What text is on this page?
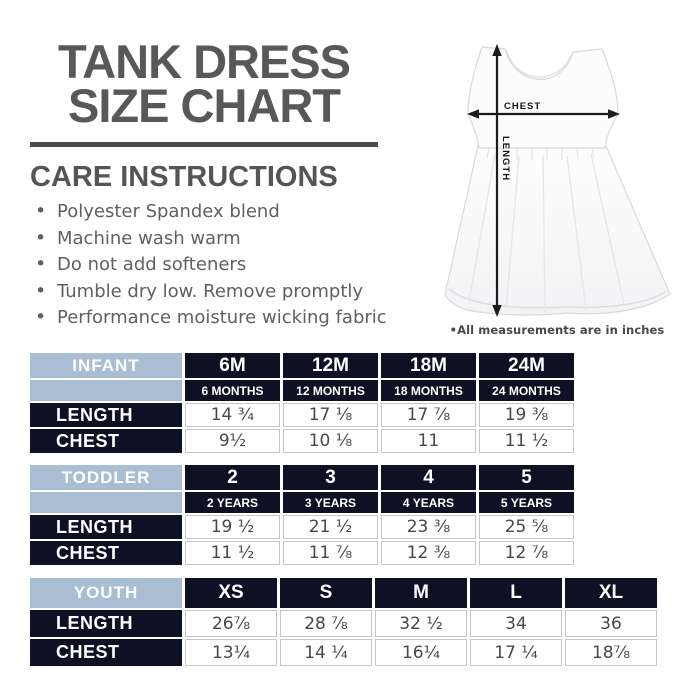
TANK DRESS
SIZE CHART
CARE INSTRUCTIONS
• Polyester Spandex blend
• Machine wash warm
• Do not add softeners
• Tumble dry low. Remove promptly
• Performance moisture wicking fabric
CHEST
LENGTH
•All measurements are in inches
INFANT	6M	12M	18M	24M
	6 MONTHS	12 MONTHS	18 MONTHS	24 MONTHS
LENGTH	14 ¾	17 ⅛	17 ⅞	19 ⅜
CHEST	9½	10 ⅛	11	11 ½
TODDLER	2	3	4	5
	2 YEARS	3 YEARS	4 YEARS	5 YEARS
LENGTH	19 ½	21 ½	23 ⅜	25 ⅝
CHEST	11 ½	11 ⅞	12 ⅜	12 ⅞
YOUTH	XS	S	M	L	XL
LENGTH	26⅞	28 ⅞	32 ½	34	36
CHEST	13¼	14 ¼	16¼	17 ¼	18⅞
